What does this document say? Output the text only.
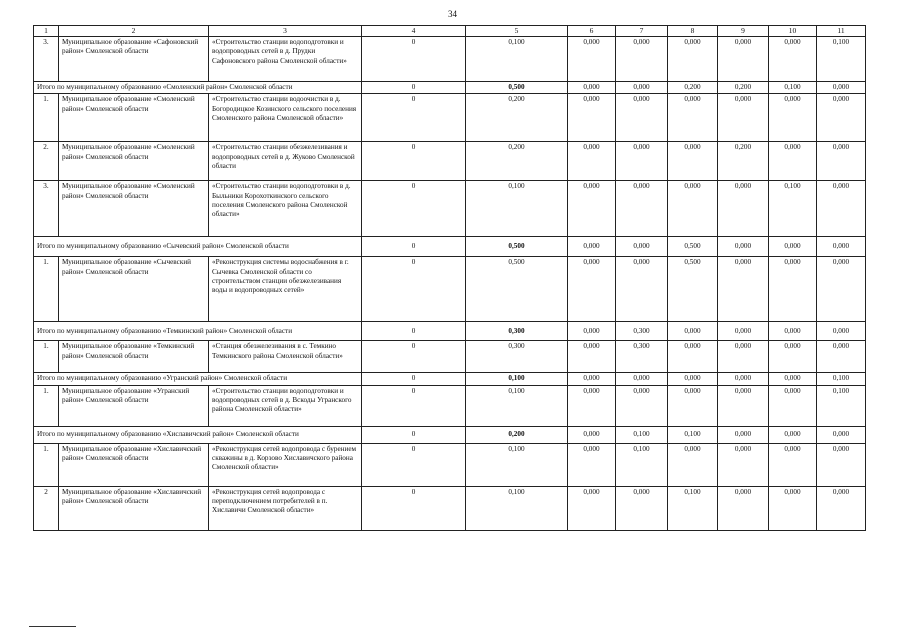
34
1	2	3	4	5	6	7	8	9	10	11
3.	Муниципальное образование «Сафоновский район» Смоленской области	«Строительство станции водоподготовки и водопроводных сетей в д. Прудки Сафоновского района Смоленской области»	0	0,100	0,000	0,000	0,000	0,000	0,000	0,100
Итого по муниципальному образованию «Смоленский район» Смоленской области			0	0,500	0,000	0,000	0,200	0,200	0,100	0,000
1.	Муниципальное образование «Смоленский район» Смоленской области	«Строительство станции водоочистки в д. Богородицкое Козинского сельского поселения Смоленского района Смоленской области»	0	0,200	0,000	0,000	0,000	0,000	0,000	0,000
2.	Муниципальное образование «Смоленский район» Смоленской области	«Строительство станции обезжелезивания и водопроводных сетей в д. Жуково Смоленской области	0	0,200	0,000	0,000	0,000	0,200	0,000	0,000
3.	Муниципальное образование «Смоленский район» Смоленской области	«Строительство станции водоподготовки в д. Быльники Корохоткинского сельского поселения Смоленского района Смоленской области»	0	0,100	0,000	0,000	0,000	0,000	0,100	0,000
Итого по муниципальному образованию «Сычевский район» Смоленской области			0	0,500	0,000	0,000	0,500	0,000	0,000	0,000
1.	Муниципальное образование «Сычевский район» Смоленской области	«Реконструкция системы водоснабжения в г. Сычевка Смоленской области со строительством станции обезжелезивания воды и водопроводных сетей»	0	0,500	0,000	0,000	0,500	0,000	0,000	0,000
Итого по муниципальному образованию «Темкинский район» Смоленской области			0	0,300	0,000	0,300	0,000	0,000	0,000	0,000
1.	Муниципальное образование «Темкинский район» Смоленской области	«Станция обезжелезивания в с. Темкино Темкинского района Смоленской области»	0	0,300	0,000	0,300	0,000	0,000	0,000	0,000
Итого по муниципальному образованию «Угранский район» Смоленской области			0	0,100	0,000	0,000	0,000	0,000	0,000	0,100
1.	Муниципальное образование «Угранский район» Смоленской области	«Строительство станции водоподготовки и водопроводных сетей в д. Вскоды Угранского района Смоленской области»	0	0,100	0,000	0,000	0,000	0,000	0,000	0,100
Итого по муниципальному образованию «Хиславичский район» Смоленской области			0	0,200	0,000	0,100	0,100	0,000	0,000	0,000
1.	Муниципальное образование «Хиславичский район» Смоленской области	«Реконструкция сетей водопровода с бурением скважины в д. Корзово Хиславичского района Смоленской области»	0	0,100	0,000	0,100	0,000	0,000	0,000	0,000
2	Муниципальное образование «Хиславичский район» Смоленской области	«Реконструкция сетей водопровода с переподключением потребителей в п. Хиславичи Смоленской области»	0	0,100	0,000	0,000	0,100	0,000	0,000	0,000
